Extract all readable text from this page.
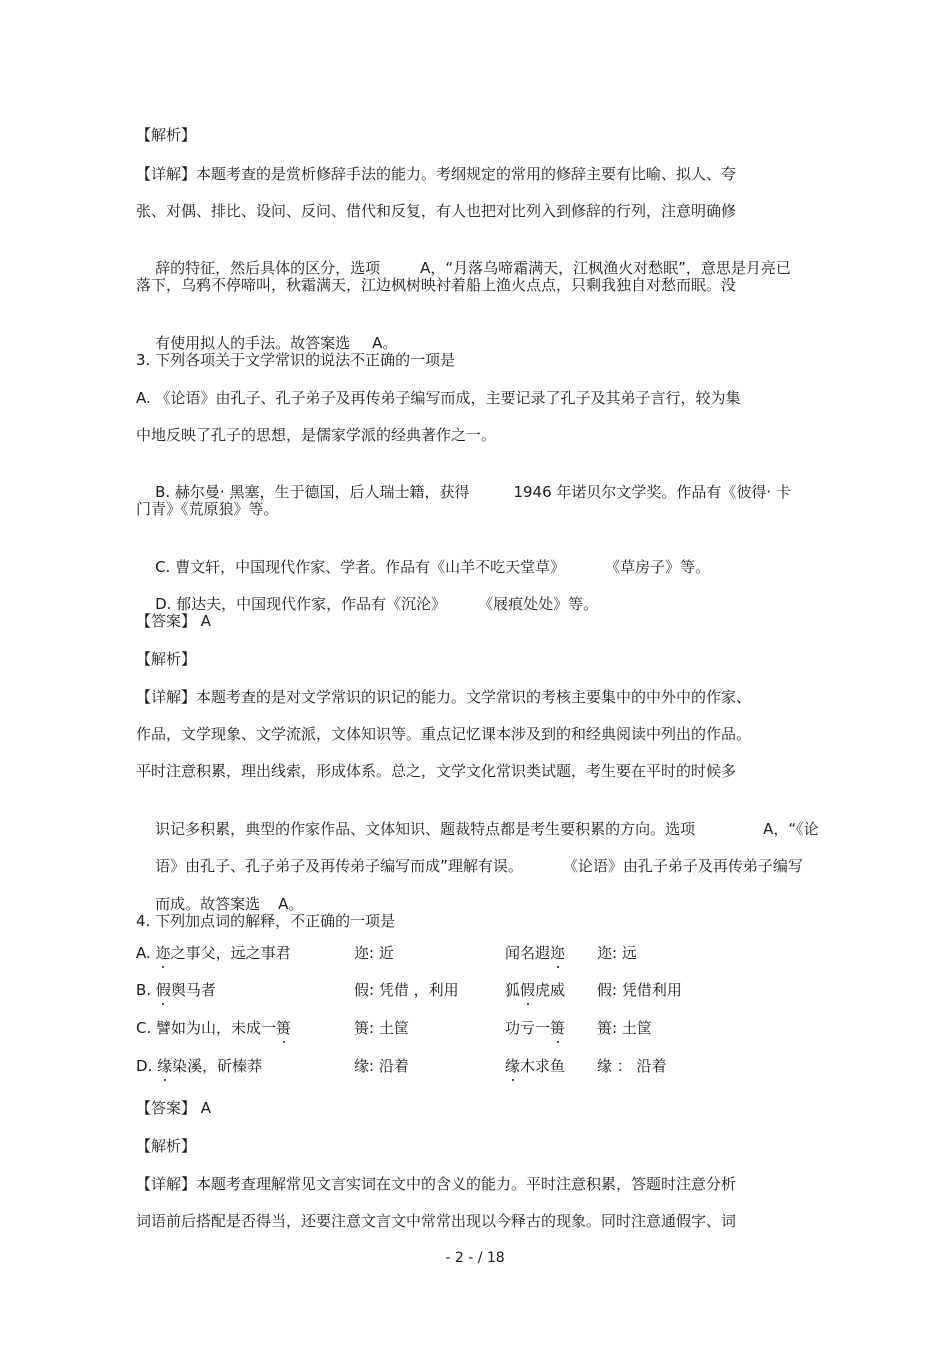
【解析】
【详解】本题考查的是赏析修辞手法的能力。考纲规定的常用的修辞主要有比喻、拟人、夸
张、对偶、排比、设问、反问、借代和反复，有人也把对比列入到修辞的行列，注意明确修

辞的特征，然后具体的区分，选项	A，“月落乌啼霜满天，江枫渔火对愁眠”，意思是月亮已

落下，乌鸦不停啼叫，秋霜满天，江边枫树映衬着船上渔火点点，只剩我独自对愁而眠。没

有使用拟人的手法。故答案选 A。

3. 下列各项关于文学常识的说法不正确的一项是
A. 《论语》由孔子、孔子弟子及再传弟子编写而成，主要记录了孔子及其弟子言行，较为集
中地反映了孔子的思想，是儒家学派的经典著作之一。

B. 赫尔曼· 黑塞，生于德国，后人瑞士籍，获得	1946 年诺贝尔文学奖。作品有《彼得· 卡

门青》《荒原狼》等。

C. 曹文轩，中国现代作家、学者。作品有《山羊不吃天堂草》	《草房子》等。

D. 郁达夫，中国现代作家，作品有《沉沦》 《屐痕处处》等。

【答案】 A
【解析】
【详解】本题考查的是对文学常识的识记的能力。文学常识的考核主要集中的中外中的作家、
作品，文学现象、文学流派，文体知识等。重点记忆课本涉及到的和经典阅读中列出的作品。
平时注意积累，理出线索，形成体系。总之，文学文化常识类试题，考生要在平时的时候多

识记多积累，典型的作家作品、文体知识、题裁特点都是考生要积累的方向。选项	A，“《论

语》由孔子、孔子弟子及再传弟子编写而成”理解有误。	《论语》由孔子弟子及再传弟子编写

而成。故答案选 A。

4. 下列加点词的解释，不正确的一项是
A. 迩之事父，远之事君	迩: 近	闻名遐迩 迩: 远
B. 假舆马者	假: 凭借 ，利用	狐假虎威 假: 凭借利用
C. 譬如为山，未成一篑	篑: 土筐	功亏一篑 篑: 土筐
D. 缘染溪，斫榛莽	缘: 沿着	缘木求鱼 缘 ： 沿着
【答案】 A
【解析】
【详解】本题考查理解常见文言实词在文中的含义的能力。平时注意积累，答题时注意分析
词语前后搭配是否得当，还要注意文言文中常常出现以今释古的现象。同时注意通假字、词
- 2 - / 18
